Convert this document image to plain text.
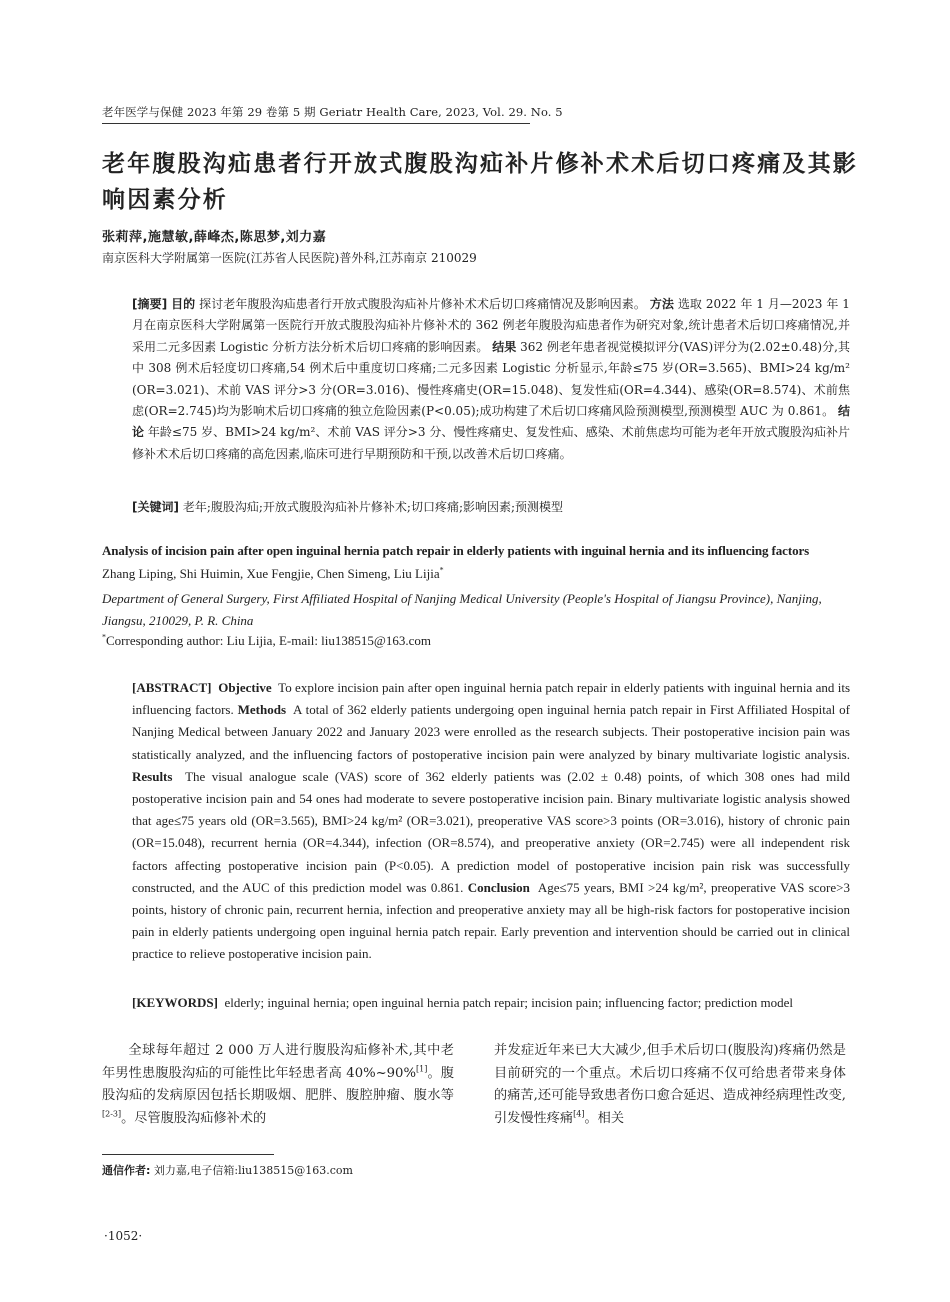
老年医学与保健 2023 年第 29 卷第 5 期 Geriatr Health Care, 2023, Vol. 29. No. 5
老年腹股沟疝患者行开放式腹股沟疝补片修补术术后切口疼痛及其影响因素分析
张莉萍,施慧敏,薛峰杰,陈思梦,刘力嘉
南京医科大学附属第一医院(江苏省人民医院)普外科,江苏南京 210029
[摘要] 目的 探讨老年腹股沟疝患者行开放式腹股沟疝补片修补术术后切口疼痛情况及影响因素。 方法 选取 2022 年 1 月—2023 年 1 月在南京医科大学附属第一医院行开放式腹股沟疝补片修补术的 362 例老年腹股沟疝患者作为研究对象,统计患者术后切口疼痛情况,并采用二元多因素 Logistic 分析方法分析术后切口疼痛的影响因素。 结果 362 例老年患者视觉模拟评分(VAS)评分为(2.02±0.48)分,其中 308 例术后轻度切口疼痛,54 例术后中重度切口疼痛;二元多因素 Logistic 分析显示,年龄≤75 岁(OR=3.565)、BMI>24 kg/m² (OR=3.021)、术前 VAS 评分>3 分(OR=3.016)、慢性疼痛史(OR=15.048)、复发性疝(OR=4.344)、感染(OR=8.574)、术前焦虑(OR=2.745)均为影响术后切口疼痛的独立危险因素(P<0.05);成功构建了术后切口疼痛风险预测模型,预测模型 AUC 为 0.861。 结论 年龄≤75 岁、BMI>24 kg/m²、术前 VAS 评分>3 分、慢性疼痛史、复发性疝、感染、术前焦虑均可能为老年开放式腹股沟疝补片修补术术后切口疼痛的高危因素,临床可进行早期预防和干预,以改善术后切口疼痛。
[关键词] 老年;腹股沟疝;开放式腹股沟疝补片修补术;切口疼痛;影响因素;预测模型
Analysis of incision pain after open inguinal hernia patch repair in elderly patients with inguinal hernia and its influencing factors
Zhang Liping, Shi Huimin, Xue Fengjie, Chen Simeng, Liu Lijia*
Department of General Surgery, First Affiliated Hospital of Nanjing Medical University (People's Hospital of Jiangsu Province), Nanjing, Jiangsu, 210029, P. R. China
*Corresponding author: Liu Lijia, E-mail: liu138515@163.com
[ABSTRACT] Objective To explore incision pain after open inguinal hernia patch repair in elderly patients with inguinal hernia and its influencing factors. Methods A total of 362 elderly patients undergoing open inguinal hernia patch repair in First Affiliated Hospital of Nanjing Medical between January 2022 and January 2023 were enrolled as the research subjects. Their postoperative incision pain was statistically analyzed, and the influencing factors of postoperative incision pain were analyzed by binary multivariate logistic analysis. Results The visual analogue scale (VAS) score of 362 elderly patients was (2.02 ± 0.48) points, of which 308 ones had mild postoperative incision pain and 54 ones had moderate to severe postoperative incision pain. Binary multivariate logistic analysis showed that age≤75 years old (OR=3.565), BMI>24 kg/m² (OR=3.021), preoperative VAS score>3 points (OR=3.016), history of chronic pain (OR=15.048), recurrent hernia (OR=4.344), infection (OR=8.574), and preoperative anxiety (OR=2.745) were all independent risk factors affecting postoperative incision pain (P<0.05). A prediction model of postoperative incision pain risk was successfully constructed, and the AUC of this prediction model was 0.861. Conclusion Age≤75 years, BMI >24 kg/m², preoperative VAS score>3 points, history of chronic pain, recurrent hernia, infection and preoperative anxiety may all be high-risk factors for postoperative incision pain in elderly patients undergoing open inguinal hernia patch repair. Early prevention and intervention should be carried out in clinical practice to relieve postoperative incision pain.
[KEYWORDS] elderly; inguinal hernia; open inguinal hernia patch repair; incision pain; influencing factor; prediction model
全球每年超过 2 000 万人进行腹股沟疝修补术,其中老年男性患腹股沟疝的可能性比年轻患者高 40%~90%[1]。腹股沟疝的发病原因包括长期吸烟、肥胖、腹腔肿瘤、腹水等[2-3]。尽管腹股沟疝修补术的
并发症近年来已大大减少,但手术后切口(腹股沟)疼痛仍然是目前研究的一个重点。术后切口疼痛不仅可给患者带来身体的痛苦,还可能导致患者伤口愈合延迟、造成神经病理性改变,引发慢性疼痛[4]。相关
通信作者: 刘力嘉,电子信箱:liu138515@163.com
·1052·
